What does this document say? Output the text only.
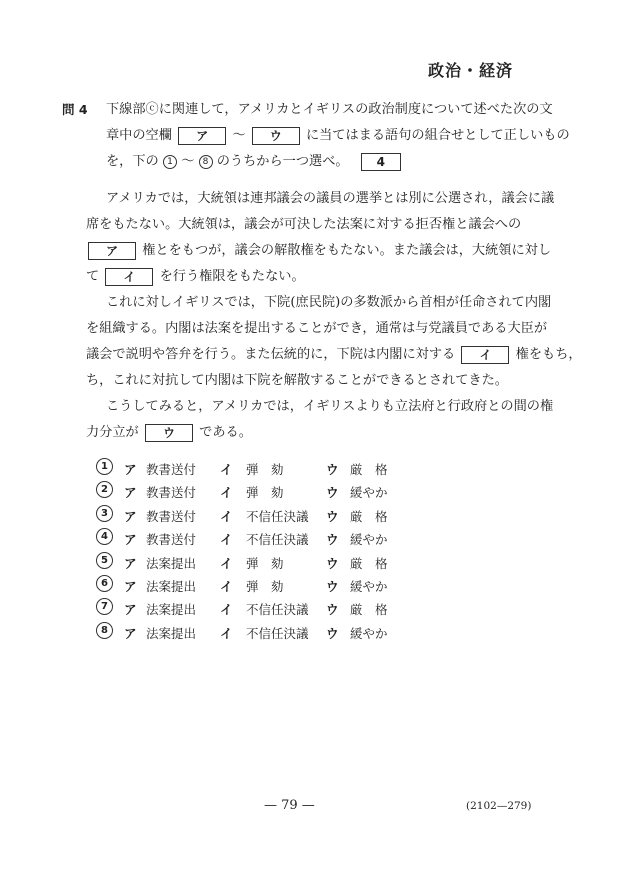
政治・経済
問 4 下線部ⓒに関連して，アメリカとイギリスの政治制度について述べた次の文
章中の空欄 ア 〜 ウ に当てはまる語句の組合せとして正しいもの
を，下の 1 〜 8 のうちから一つ選べ。 4
アメリカでは，大統領は連邦議会の議員の選挙とは別に公選され，議会に議
席をもたない。大統領は，議会が可決した法案に対する拒否権と議会への
ア 権とをもつが，議会の解散権をもたない。また議会は，大統領に対し
て イ を行う権限をもたない。
これに対しイギリスでは，下院(庶民院)の多数派から首相が任命されて内閣
を組織する。内閣は法案を提出することができ，通常は与党議員である大臣が
議会で説明や答弁を行う。また伝統的に，下院は内閣に対する イ 権をもち，
ち，これに対抗して内閣は下院を解散することができるとされてきた。
こうしてみると，アメリカでは，イギリスよりも立法府と行政府との間の権
力分立が ウ である。
1	ア 教書送付 イ 弾　劾	ウ 厳　格
2	ア 教書送付 イ 弾　劾	ウ 緩やか
3	ア 教書送付 イ 不信任決議 ウ 厳　格
4	ア 教書送付 イ 不信任決議 ウ 緩やか
5	ア 法案提出 イ 弾　劾	ウ 厳　格
6	ア 法案提出 イ 弾　劾	ウ 緩やか
7	ア 法案提出 イ 不信任決議 ウ 厳　格
8	ア 法案提出 イ 不信任決議 ウ 緩やか
— 79 —	(2102—279)
